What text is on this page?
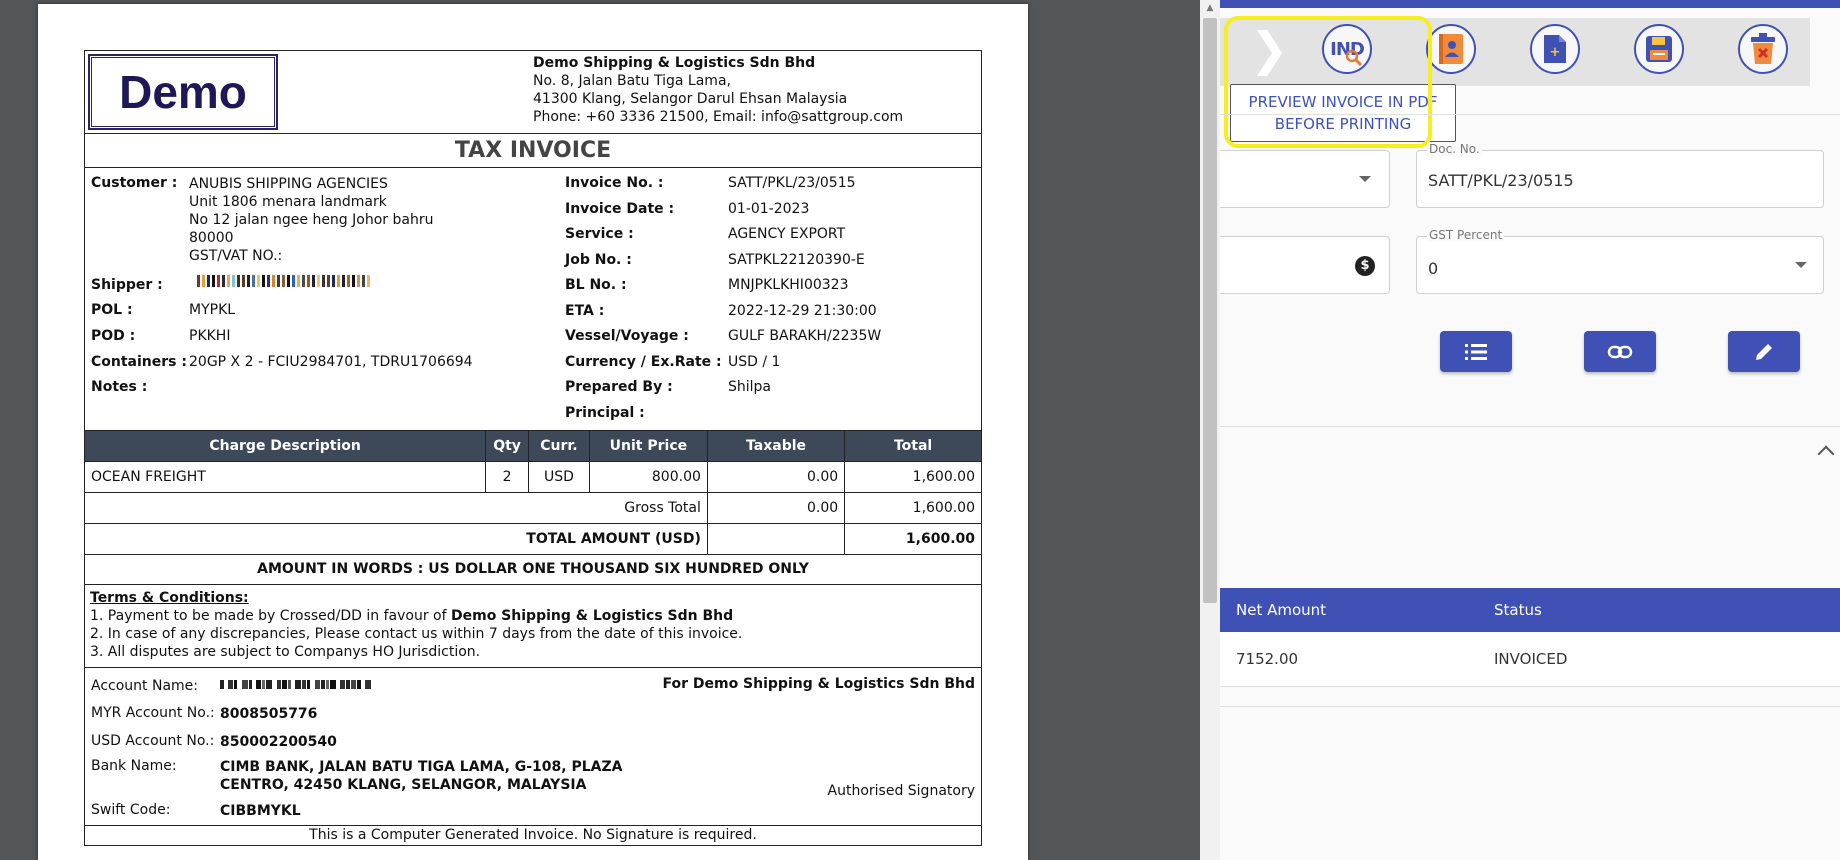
Demo
Demo Shipping & Logistics Sdn Bhd
No. 8, Jalan Batu Tiga Lama,
41300 Klang, Selangor Darul Ehsan Malaysia
Phone: +60 3336 21500, Email: info@sattgroup.com
TAX INVOICE
Customer : ANUBIS SHIPPING AGENCIES
Unit 1806 menara landmark
No 12 jalan ngee heng Johor bahru
80000
GST/VAT NO.:
Shipper :
POL :	MYPKL
POD :	PKKHI
Containers : 20GP X 2 - FCIU2984701, TDRU1706694
Notes :
Invoice No. :	SATT/PKL/23/0515
Invoice Date :	01-01-2023
Service :	AGENCY EXPORT
Job No. :	SATPKL22120390-E
BL No. :	MNJPKLKHI00323
ETA :	2022-12-29 21:30:00
Vessel/Voyage :	GULF BARAKH/2235W
Currency / Ex.Rate : USD / 1
Prepared By :	Shilpa
Principal :
Charge Description	Qty	Curr.	Unit Price	Taxable	Total
OCEAN FREIGHT	2	USD	800.00	0.00	1,600.00
Gross Total				0.00	1,600.00
TOTAL AMOUNT (USD)					1,600.00
AMOUNT IN WORDS : US DOLLAR ONE THOUSAND SIX HUNDRED ONLY
Terms & Conditions:
1. Payment to be made by Crossed/DD in favour of Demo Shipping & Logistics Sdn Bhd
2. In case of any discrepancies, Please contact us within 7 days from the date of this invoice.
3. All disputes are subject to Companys HO Jurisdiction.
Account Name:	For Demo Shipping & Logistics Sdn Bhd
MYR Account No.: 8008505776
USD Account No.: 850002200540
Bank Name:	CIMB BANK, JALAN BATU TIGA LAMA, G-108, PLAZA
CENTRO, 42450 KLANG, SELANGOR, MALAYSIA	Authorised Signatory
Swift Code:	CIBBMYKL
This is a Computer Generated Invoice. No Signature is required.
▲
❯ IND	+
PREVIEW INVOICE IN PDF
BEFORE PRINTING
Doc. No.
SATT/PKL/23/0515
$
GST Percent
0
Net Amount	Status
7152.00	INVOICED
